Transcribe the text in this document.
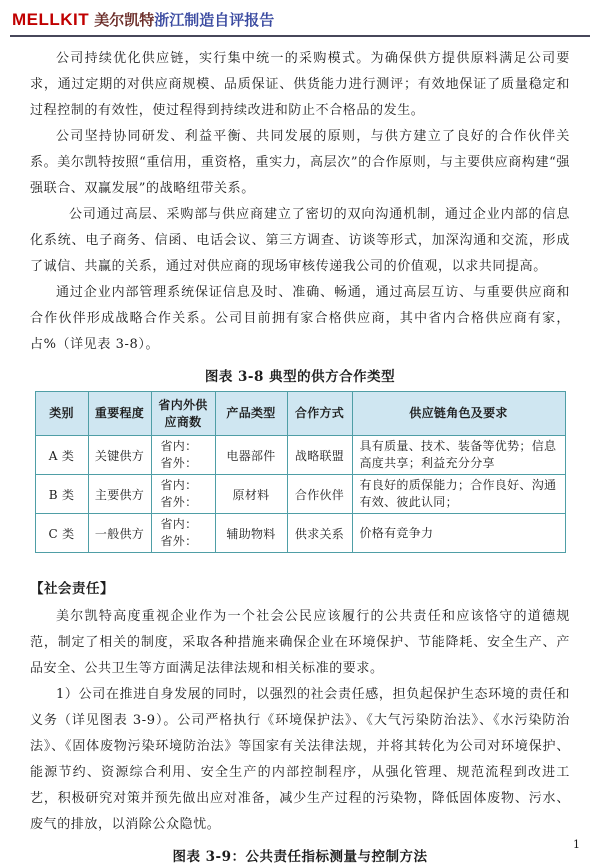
MELLKIT 美尔凯特浙江制造自评报告

公司持续优化供应链，实行集中统一的采购模式。为确保供方提供原料满足公司要求，通过定期的对供应商规模、品质保证、供货能力进行测评；有效地保证了质量稳定和过程控制的有效性，使过程得到持续改进和防止不合格品的发生。

公司坚持协同研发、利益平衡、共同发展的原则，与供方建立了良好的合作伙伴关系。美尔凯特按照“重信用，重资格，重实力，高层次”的合作原则，与主要供应商构建“强强联合、双赢发展”的战略纽带关系。

公司通过高层、采购部与供应商建立了密切的双向沟通机制，通过企业内部的信息化系统、电子商务、信函、电话会议、第三方调查、访谈等形式，加深沟通和交流，形成了诚信、共赢的关系，通过对供应商的现场审核传递我公司的价值观，以求共同提高。

通过企业内部管理系统保证信息及时、准确、畅通，通过高层互访、与重要供应商和合作伙伴形成战略合作关系。公司目前拥有家合格供应商，其中省内合格供应商有家，占%（详见表 3-8）。

图表 3-8 典型的供方合作类型
类别	重要程度	省内外供应商数	产品类型	合作方式	供应链角色及要求
A 类	关键供方	省内：
省外：	电器部件	战略联盟	具有质量、技术、装备等优势；信息高度共享；利益充分分享
B 类	主要供方	省内：
省外：	原材料	合作伙伴	有良好的质保能力；合作良好、沟通有效、彼此认同；
C 类	一般供方	省内：
省外：	辅助物料	供求关系	价格有竞争力
【社会责任】

美尔凯特高度重视企业作为一个社会公民应该履行的公共责任和应该恪守的道德规范，制定了相关的制度，采取各种措施来确保企业在环境保护、节能降耗、安全生产、产品安全、公共卫生等方面满足法律法规和相关标准的要求。

1）公司在推进自身发展的同时，以强烈的社会责任感，担负起保护生态环境的责任和义务（详见图表 3-9）。公司严格执行《环境保护法》、《大气污染防治法》、《水污染防治法》、《固体废物污染环境防治法》等国家有关法律法规，并将其转化为公司对环境保护、能源节约、资源综合利用、安全生产的内部控制程序，从强化管理、规范流程到改进工艺，积极研究对策并预先做出应对准备，减少生产过程的污染物，降低固体废物、污水、废气的排放，以消除公众隐忧。

图表 3-9：公共责任指标测量与控制方法
1
